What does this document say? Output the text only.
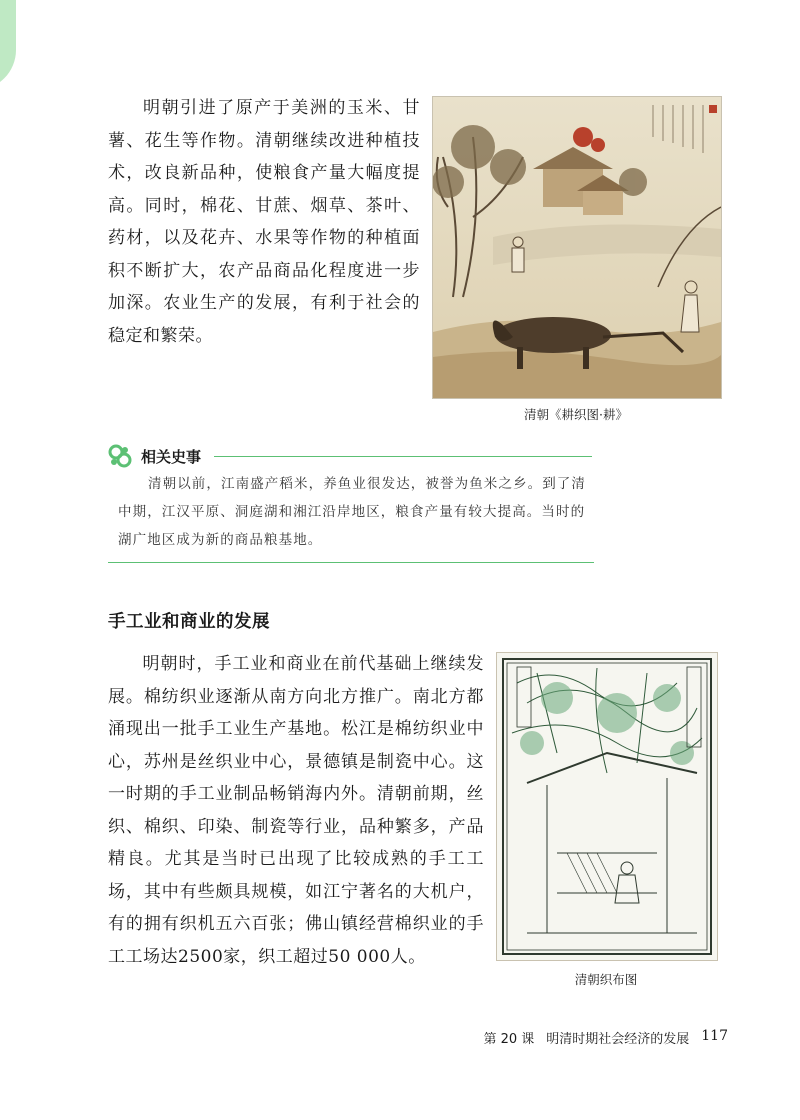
明朝引进了原产于美洲的玉米、甘薯、花生等作物。清朝继续改进种植技术，改良新品种，使粮食产量大幅度提高。同时，棉花、甘蔗、烟草、茶叶、药材，以及花卉、水果等作物的种植面积不断扩大，农产品商品化程度进一步加深。农业生产的发展，有利于社会的稳定和繁荣。

清朝《耕织图·耕》
相关史事

清朝以前，江南盛产稻米，养鱼业很发达，被誉为鱼米之乡。到了清中期，江汉平原、洞庭湖和湘江沿岸地区，粮食产量有较大提高。当时的湖广地区成为新的商品粮基地。

手工业和商业的发展

明朝时，手工业和商业在前代基础上继续发展。棉纺织业逐渐从南方向北方推广。南北方都涌现出一批手工业生产基地。松江是棉纺织业中心，苏州是丝织业中心，景德镇是制瓷中心。这一时期的手工业制品畅销海内外。清朝前期，丝织、棉织、印染、制瓷等行业，品种繁多，产品精良。尤其是当时已出现了比较成熟的手工工场，其中有些颇具规模，如江宁著名的大机户，有的拥有织机五六百张；佛山镇经营棉织业的手工工场达2500家，织工超过50 000人。

清朝织布图
第 20 课 明清时期社会经济的发展 117
